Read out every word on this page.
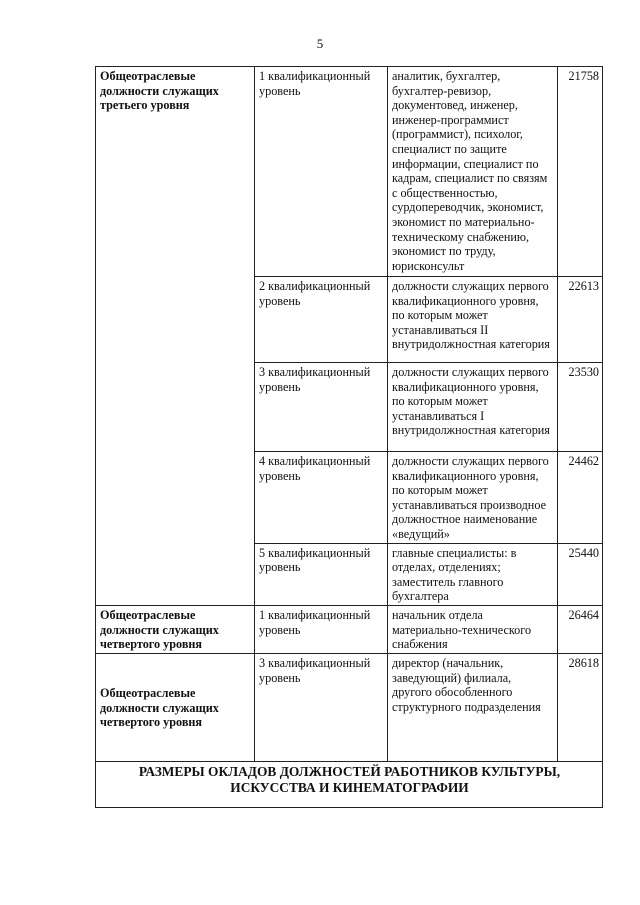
5
Общеотраслевые должности служащих третьего уровня	1 квалификационный уровень	аналитик, бухгалтер, бухгалтер-ревизор, документовед, инженер, инженер-программист (программист), психолог, специалист по защите информации, специалист по кадрам, специалист по связям с общественностью, сурдопереводчик, экономист, экономист по материально-техническому снабжению, экономист по труду, юрисконсульт	21758
	2 квалификационный уровень	должности служащих первого квалификационного уровня, по которым может устанавливаться II внутридолжностная категория	22613
	3 квалификационный уровень	должности служащих первого квалификационного уровня, по которым может устанавливаться I внутридолжностная категория	23530
	4 квалификационный уровень	должности служащих первого квалификационного уровня, по которым может устанавливаться производное должностное наименование «ведущий»	24462
	5 квалификационный уровень	главные специалисты: в отделах, отделениях; заместитель главного бухгалтера	25440
Общеотраслевые должности служащих четвертого уровня	1 квалификационный уровень	начальник отдела материально-технического снабжения	26464
Общеотраслевые должности служащих четвертого уровня	3 квалификационный уровень	директор (начальник, заведующий) филиала, другого обособленного структурного подразделения	28618
РАЗМЕРЫ ОКЛАДОВ ДОЛЖНОСТЕЙ РАБОТНИКОВ КУЛЬТУРЫ, ИСКУССТВА И КИНЕМАТОГРАФИИ			
